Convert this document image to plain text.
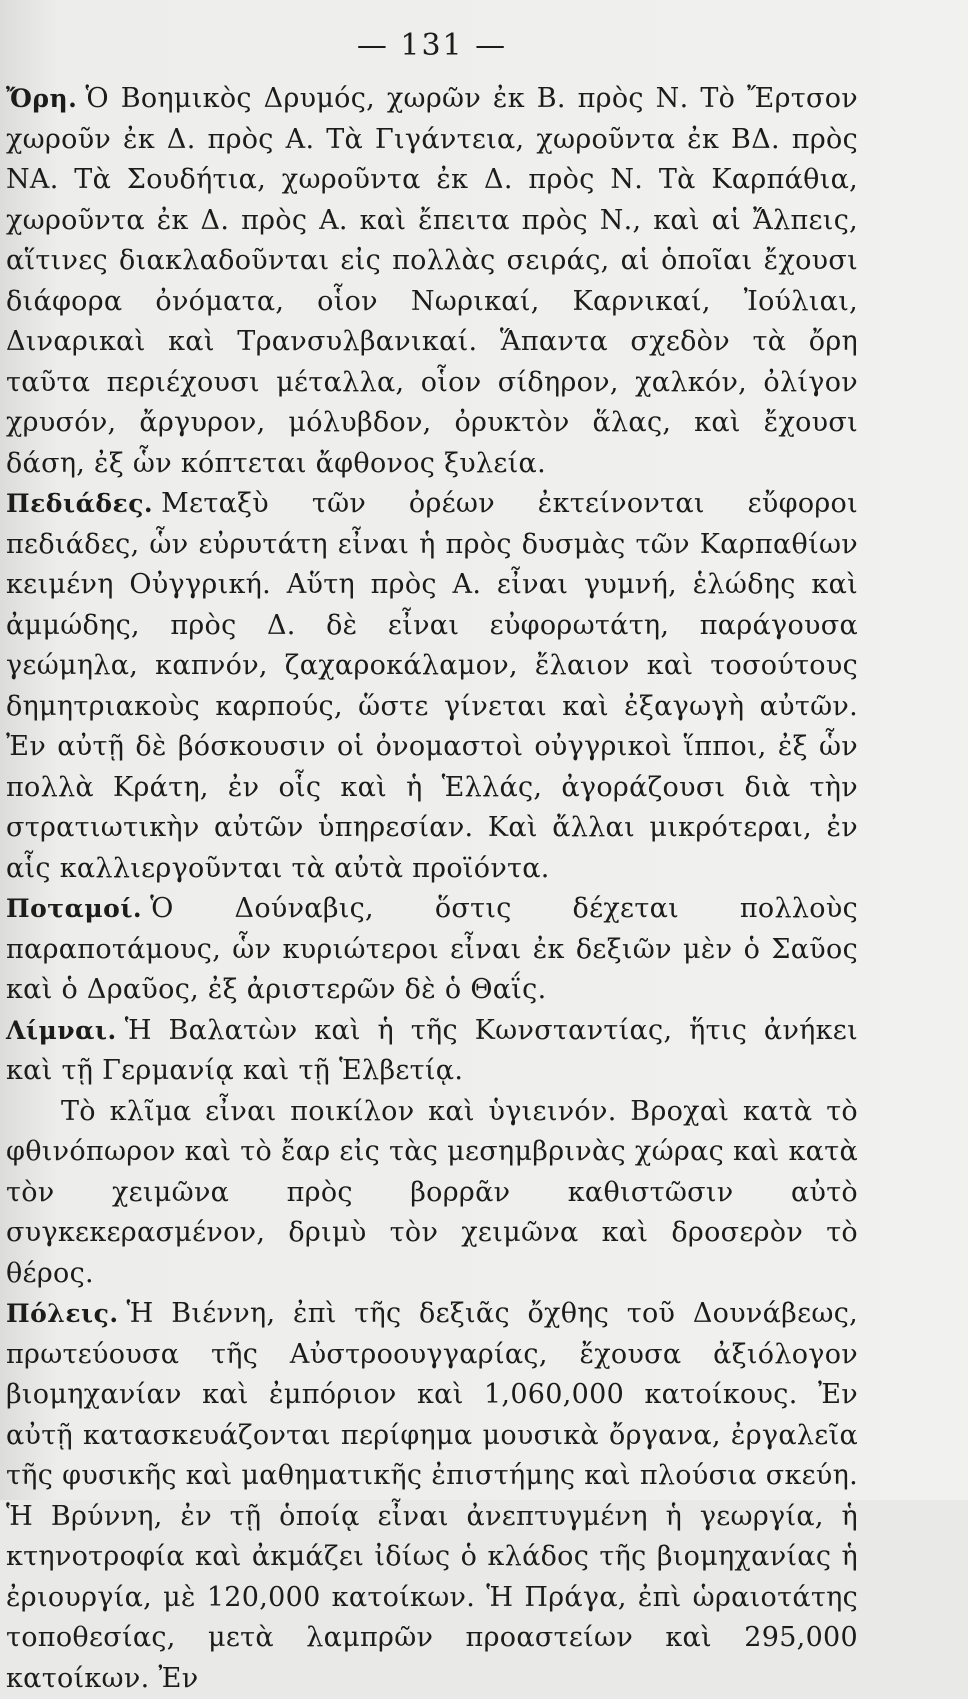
— 131 —

Ὄρη. Ὁ Βοημικὸς Δρυμός, χωρῶν ἐκ Β. πρὸς Ν. Τὸ Ἔρτσον χωροῦν ἐκ Δ. πρὸς Α. Τὰ Γιγάντεια, χωροῦντα ἐκ ΒΔ. πρὸς ΝΑ. Τὰ Σουδήτια, χωροῦντα ἐκ Δ. πρὸς Ν. Τὰ Καρπάθια, χωροῦντα ἐκ Δ. πρὸς Α. καὶ ἔπειτα πρὸς Ν., καὶ αἱ Ἄλπεις, αἵτινες διακλαδοῦνται εἰς πολλὰς σειράς, αἱ ὁποῖαι ἔχουσι διάφορα ὀνόματα, οἷον Νωρικαί, Καρνικαί, Ἰούλιαι, Διναρικαὶ καὶ Τρανσυλβανικαί. Ἅπαντα σχεδὸν τὰ ὄρη ταῦτα περιέχουσι μέταλλα, οἷον σίδηρον, χαλκόν, ὀλίγον χρυσόν, ἄργυρον, μόλυβδον, ὀρυκτὸν ἅλας, καὶ ἔχουσι δάση, ἐξ ὧν κόπτεται ἄφθονος ξυλεία.

Πεδιάδες. Μεταξὺ τῶν ὀρέων ἐκτείνονται εὔφοροι πεδιάδες, ὧν εὐρυτάτη εἶναι ἡ πρὸς δυσμὰς τῶν Καρπαθίων κειμένη Οὐγγρική. Αὕτη πρὸς Α. εἶναι γυμνή, ἑλώδης καὶ ἀμμώδης, πρὸς Δ. δὲ εἶναι εὐφορωτάτη, παράγουσα γεώμηλα, καπνόν, ζαχαροκάλαμον, ἔλαιον καὶ τοσούτους δημητριακοὺς καρπούς, ὥστε γίνεται καὶ ἐξαγωγὴ αὐτῶν. Ἐν αὐτῇ δὲ βόσκουσιν οἱ ὀνομαστοὶ οὐγγρικοὶ ἵπποι, ἐξ ὧν πολλὰ Κράτη, ἐν οἷς καὶ ἡ Ἑλλάς, ἀγοράζουσι διὰ τὴν στρατιωτικὴν αὐτῶν ὑπηρεσίαν. Καὶ ἄλλαι μικρότεραι, ἐν αἷς καλλιεργοῦνται τὰ αὐτὰ προϊόντα.

Ποταμοί. Ὁ Δούναβις, ὅστις δέχεται πολλοὺς παραποτάμους, ὧν κυριώτεροι εἶναι ἐκ δεξιῶν μὲν ὁ Σαῦος καὶ ὁ Δραῦος, ἐξ ἀριστερῶν δὲ ὁ Θαΐς.

Λίμναι. Ἡ Βαλατὼν καὶ ἡ τῆς Κωνσταντίας, ἥτις ἀνήκει καὶ τῇ Γερμανίᾳ καὶ τῇ Ἑλβετίᾳ.

Τὸ κλῖμα εἶναι ποικίλον καὶ ὑγιεινόν. Βροχαὶ κατὰ τὸ φθινόπωρον καὶ τὸ ἔαρ εἰς τὰς μεσημβρινὰς χώρας καὶ κατὰ τὸν χειμῶνα πρὸς βορρᾶν καθιστῶσιν αὐτὸ συγκεκερασμένον, δριμὺ τὸν χειμῶνα καὶ δροσερὸν τὸ θέρος.

Πόλεις. Ἡ Βιέννη, ἐπὶ τῆς δεξιᾶς ὄχθης τοῦ Δουνάβεως, πρωτεύουσα τῆς Αὐστροουγγαρίας, ἔχουσα ἀξιόλογον βιομηχανίαν καὶ ἐμπόριον καὶ 1,060,000 κατοίκους. Ἐν αὐτῇ κατασκευάζονται περίφημα μουσικὰ ὄργανα, ἐργαλεῖα τῆς φυσικῆς καὶ μαθηματικῆς ἐπιστήμης καὶ πλούσια σκεύη. Ἡ Βρύννη, ἐν τῇ ὁποίᾳ εἶναι ἀνεπτυγμένη ἡ γεωργία, ἡ κτηνοτροφία καὶ ἀκμάζει ἰδίως ὁ κλάδος τῆς βιομηχανίας ἡ ἐριουργία, μὲ 120,000 κατοίκων. Ἡ Πράγα, ἐπὶ ὡραιοτάτης τοποθεσίας, μετὰ λαμπρῶν προαστείων καὶ 295,000 κατοίκων. Ἐν
